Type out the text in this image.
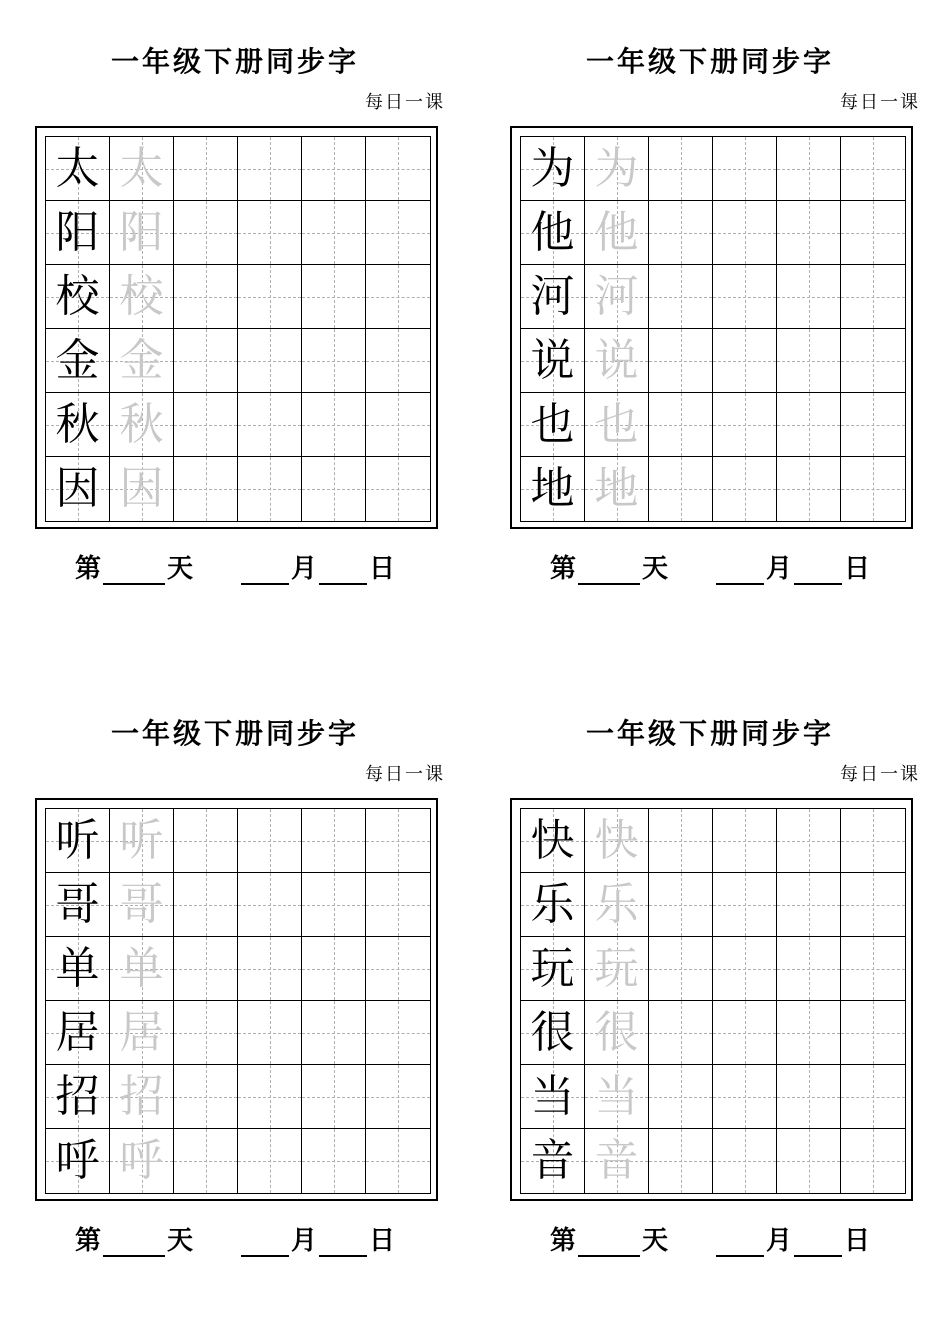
一年级下册同步字
每日一课
太 太
阳 阳
校 校
金 金
秋 秋
因 因
第	天	月 日
一年级下册同步字
每日一课
为 为
他 他
河 河
说 说
也 也
地 地
第	天	月 日
一年级下册同步字
每日一课
听 听
哥 哥
单 单
居 居
招 招
呼 呼
第	天	月 日
一年级下册同步字
每日一课
快 快
乐 乐
玩 玩
很 很
当 当
音 音
第	天	月 日
